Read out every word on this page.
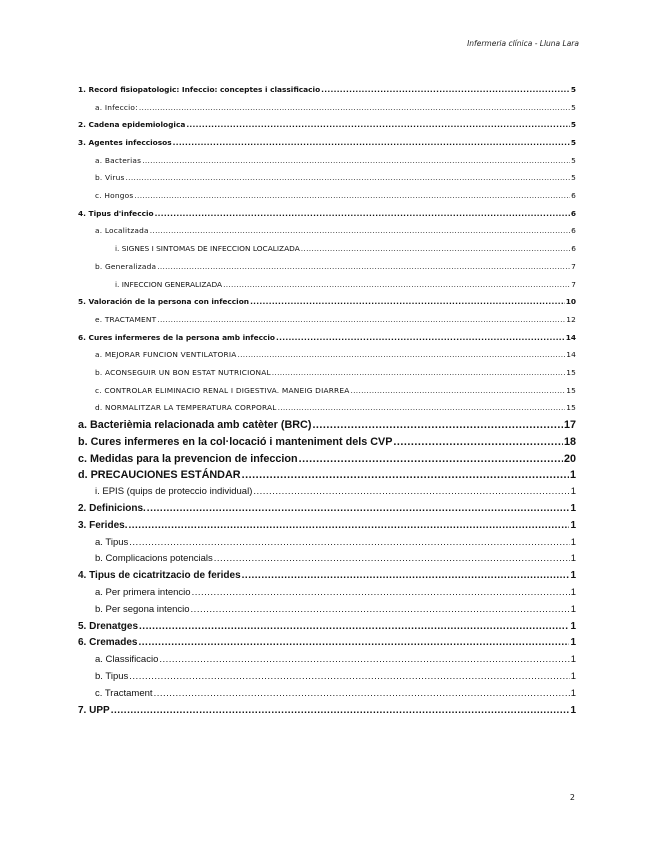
Infermeria clínica - Lluna Lara
1. Record fisiopatologic: Infeccio: conceptes i classificacio .....	5
a. Infeccio: .....	5
2. Cadena epidemiologica .....	5
3. Agentes infecciosos .....	5
a. Bacterias .....	5
b. Virus .....	5
c. Hongos .....	6
4. Tipus d'infeccio .....	6
a. Localitzada .....	6
i. SIGNES I SINTOMAS DE INFECCION LOCALIZADA .....	6
b. Generalizada .....	7
i. INFECCION GENERALIZADA .....	7
5. Valoración de la persona con infeccion .....	10
e. TRACTAMENT .....	12
6. Cures infermeres de la persona amb infeccio .....	14
a. MEJORAR FUNCION VENTILATORIA .....	14
b. ACONSEGUIR UN BON ESTAT NUTRICIONAL .....	15
c. CONTROLAR ELIMINACIO RENAL I DIGESTIVA. MANEIG DIARREA .....	15
d. NORMALITZAR LA TEMPERATURA CORPORAL .....	15
a. Bacterièmia relacionada amb catèter (BRC) .....	17
b. Cures infermeres en la col·locació i manteniment dels CVP .....	18
c. Medidas para la prevencion de infeccion .....	20
d. PRECAUCIONES ESTÁNDAR .....	1
i. EPIS (quips de proteccio individual) .....	1
2. Definicions. .....	1
3. Ferides. .....	1
a. Tipus .....	1
b. Complicacions potencials .....	1
4. Tipus de cicatritzacio de ferides .....	1
a. Per primera intencio .....	1
b. Per segona intencio .....	1
5. Drenatges .....	1
6. Cremades .....	1
a. Classificacio .....	1
b. Tipus .....	1
c. Tractament .....	1
7. UPP .....	1
2
